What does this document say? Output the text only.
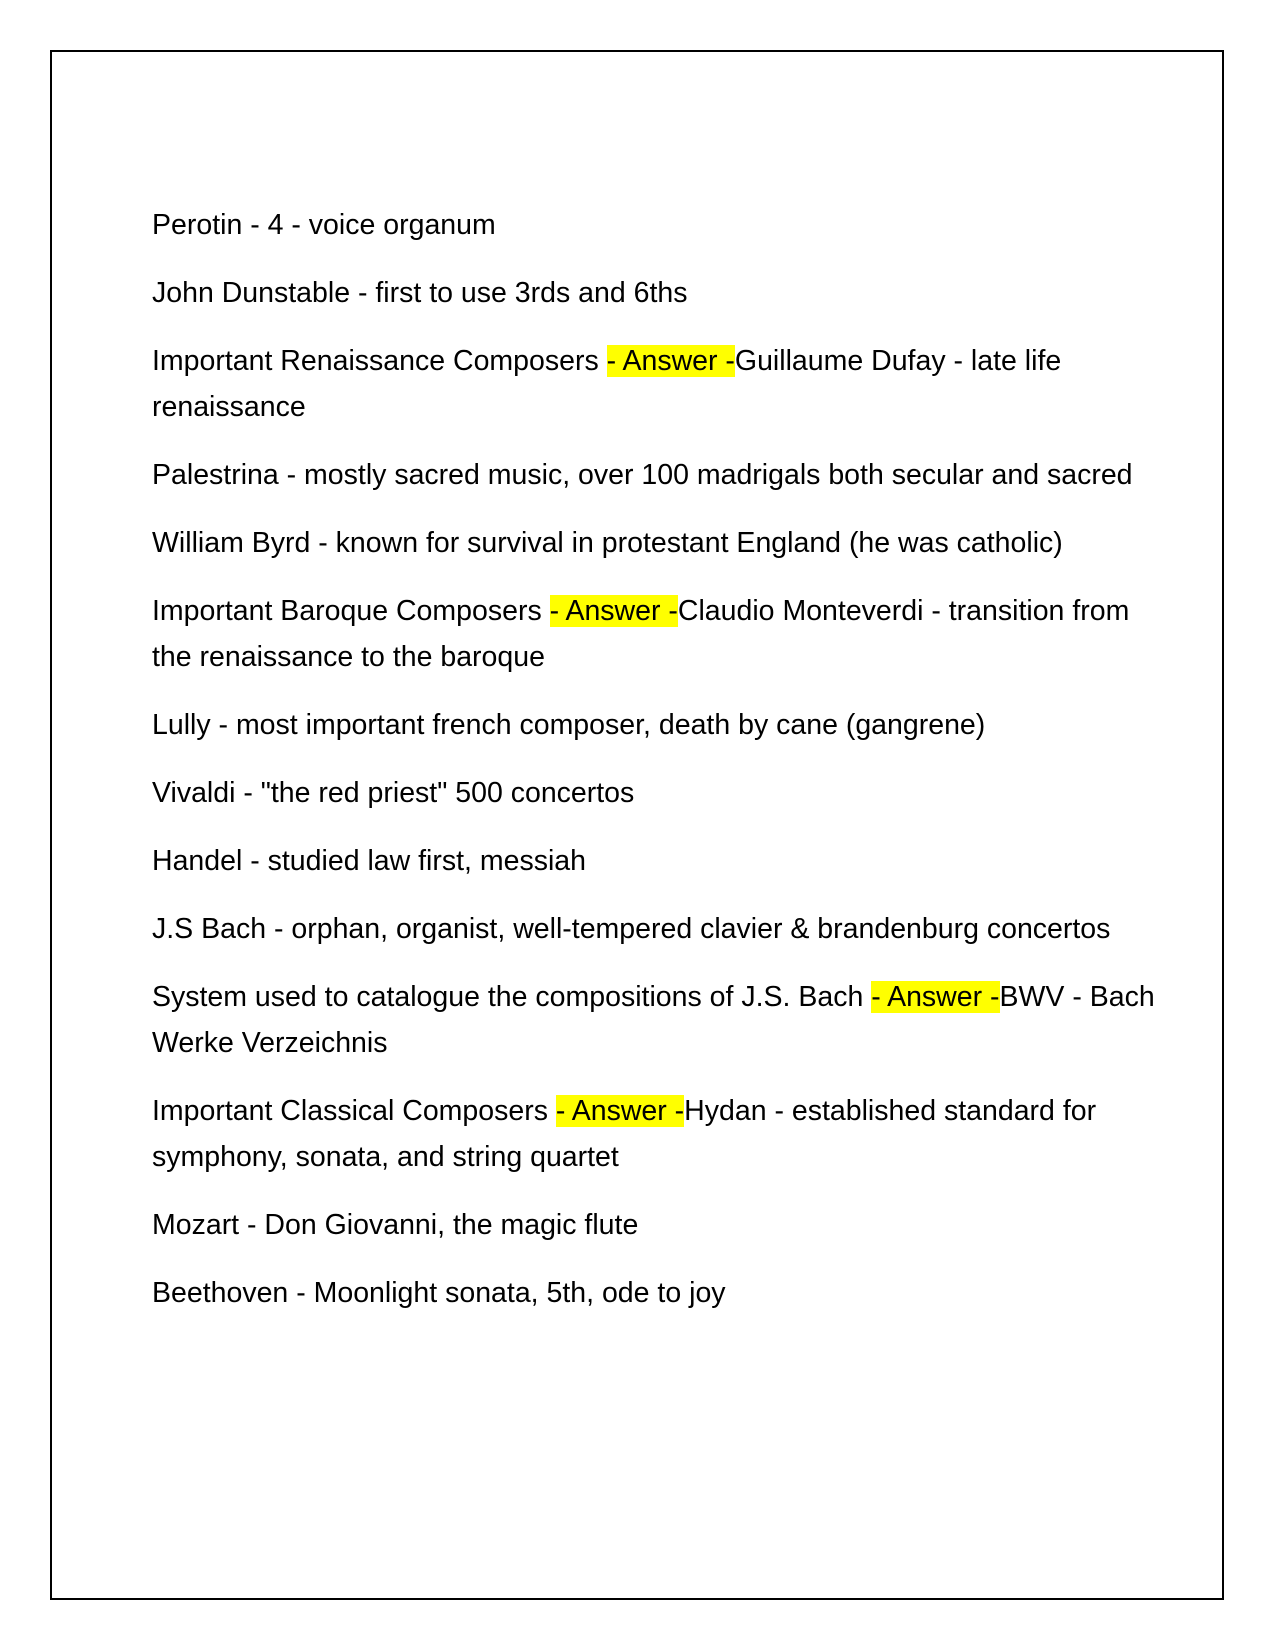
Perotin - 4 - voice organum

John Dunstable - first to use 3rds and 6ths

Important Renaissance Composers - Answer -Guillaume Dufay - late life renaissance

Palestrina - mostly sacred music, over 100 madrigals both secular and sacred

William Byrd - known for survival in protestant England (he was catholic)

Important Baroque Composers - Answer -Claudio Monteverdi - transition from the renaissance to the baroque

Lully - most important french composer, death by cane (gangrene)

Vivaldi - "the red priest" 500 concertos

Handel - studied law first, messiah

J.S Bach - orphan, organist, well-tempered clavier & brandenburg concertos

System used to catalogue the compositions of J.S. Bach - Answer -BWV - Bach Werke Verzeichnis

Important Classical Composers - Answer -Hydan - established standard for symphony, sonata, and string quartet

Mozart - Don Giovanni, the magic flute

Beethoven - Moonlight sonata, 5th, ode to joy
